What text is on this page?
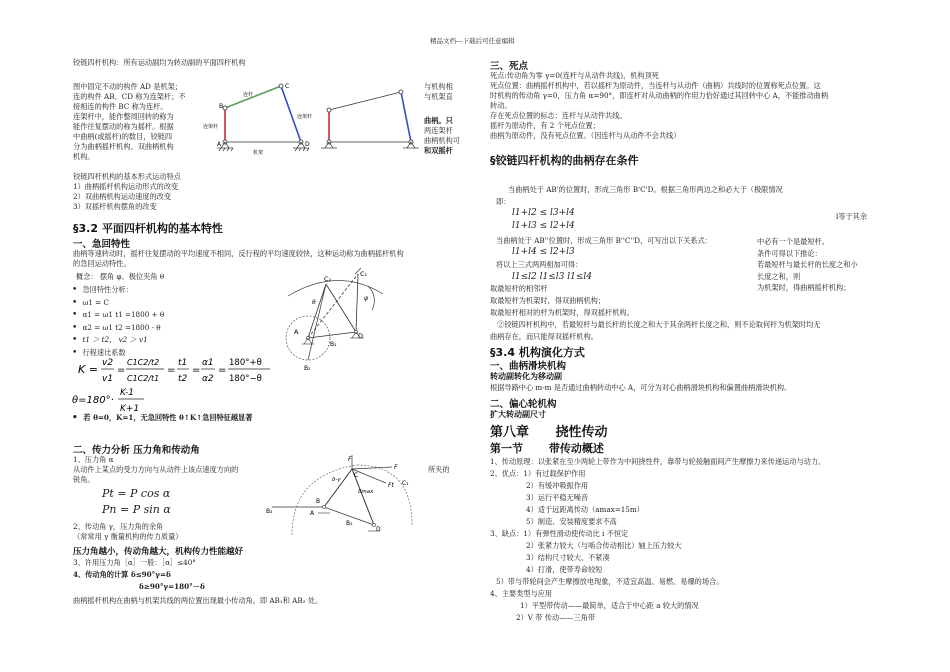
精品文档---下载后可任意编辑
铰链四杆机构：所有运动副均为转动副的平面四杆机构
图中固定不动的构件 AD 是机架；
连的构件 AB、CD 称为连架杆；不
接相连的构件 BC 称为连杆。
连架杆中，能作整周回转的称为
能作往复摆动的称为摇杆。根据
中曲柄(或摇杆)的数目，铰链四
分为曲柄摇杆机构、双曲柄机构
机构。
铰链四杆机构的基本形式运动特点
1）曲柄摇杆机构运动形式的改变
2）双曲柄机构运动速度的改变
3）双摇杆机构摆角的改变
B
C
A	D
连杆
连架杆
连架杆
机架
与机构相
与机架直
曲柄。只
两连架杆
曲柄机构可
和双摇杆
§3.2 平面四杆机构的基本特性
一、急回特性
曲柄等速转动时，摇杆往复摆动的平均速度不相同，反行程的平均速度较快，这种运动称为曲柄摇杆机构
的急回运动特性。
概念： 摆角 φ、极位夹角 θ
•  急回特性分析：
•  ω1 = C
•  α1 = ω1 t1 =1800 + θ
•  α2 = ω1 t2 =1800 - θ
•  t1 ＞ t2， v2 ＞ v1
•  行程速比系数
K = v2
v1
=
C1C2/t2
C1C2/t1
=
t1
t2
=
α1
α2
=
180°+θ
180°−θ
θ=180°·
K-1
K+1
•  若 θ=0，K=1，无急回特性 θ↑K↑急回特征越显著
C₂
C₁
A	D
θ
ψ
B₂
B₁
二、传力分析 压力角和传动角
1、压力角 α
从动件上某点的受力方向与从动件上该点速度方向的
锐角。
所夹的
Pt = P cos α
Pn = P sin α
2、传动角 γ，压力角的余角
（常常用 γ 衡量机构的传力质量）
压力角越小，传动角越大，机构传力性能越好
3、许用压力角［α］一般：［α］≤40°
4、传动角的计算 δ≤90°γ=δ
δ≥90°γ=180°－δ
曲柄摇杆机构在曲柄与机架共线的两位置出现最小传动角。即 AB₁和 AB₂ 处。
F
F
Ft
C
C₁
δ-γ
δmax
B
B₂	A
B₁
D
三、死点
死点:传动角为零 γ=0(连杆与从动件共线)，机构顶死
死点位置：曲柄摇杆机构中，若以摇杆为原动件，当连杆与从动件（曲柄）共线时的位置称死点位置。这
时机构的传动角 γ=0，压力角 α=90°，即连杆对从动曲柄的作用力恰好通过其回转中心 A，不能推动曲柄
转动。
存在死点位置的标志：连杆与从动件共线。
摇杆为原动件，有 2 个死点位置；
曲柄为原动件，没有死点位置。（因连杆与从动件不会共线）
§铰链四杆机构的曲柄存在条件
当曲柄处于 AB'的位置时，形成三角形 B'C'D。根据三角形两边之和必大于（极限情况
即：
l等于其余
l1+l2 ≤ l3+l4
l1+l3 ≤ l2+l4
当曲柄处于 AB''位置时，形成三角形 B''C''D，可写出以下关系式：
l1+l4 ≤ l2+l3
将以上三式两两相加可得：
l1≤l2 l1≤l3 l1≤l4
中必有一个是最短杆。
条件可得以下推论：
若最短杆与最长杆的长度之和小
长度之和，则
为机架时，得曲柄摇杆机构；
取最短杆的相邻杆
取最短杆为机架时，得双曲柄机构；
取最短杆相对的杆为机架时，得双摇杆机构。
②铰链四杆机构中，若最短杆与最长杆的长度之和大于其余两杆长度之和，则不论取何杆为机架时均无
曲柄存在，而只能得双摇杆机构。
§3.4 机构演化方式
一、曲柄滑块机构
转动副转化为移动副
根据导路中心 m-m 是否通过曲柄转动中心 A，可分为对心曲柄滑块机构和偏置曲柄滑块机构。
二、偏心轮机构
扩大转动副尺寸
第八章 挠性传动
第一节 带传动概述
1、传动原理：以张紧在至少两轮上带作为中间挠性件，靠带与轮接触面间产生摩擦力来传递运动与动力。
2、优点：1）有过载保护作用
2）有缓冲吸振作用
3）运行平稳无噪音
4）适于远距离传动（amax=15m）
5）制造、安装精度要求不高
3、缺点：1）有弹性滑动使传动比 i 不恒定
2）张紧力较大（与啮合传动相比）轴上压力较大
3）结构尺寸较大、不紧凑
4）打滑，使带寿命较短
5）带与带轮间会产生摩擦放电现象，不适宜高温、易燃、易爆的场合。
4、主要类型与应用
1）平型带传动——最简单，适合于中心距 a 较大的情况
2）V 带 传动——三角带
